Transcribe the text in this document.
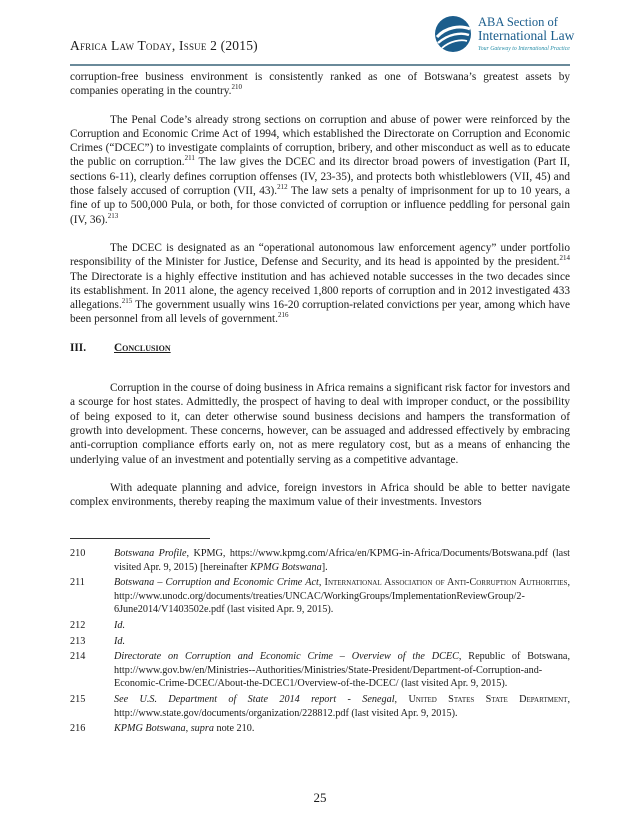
Africa Law Today, Issue 2 (2015)
ABA Section of
International Law
Your Gateway to International Practice

corruption-free business environment is consistently ranked as one of Botswana’s greatest assets by companies operating in the country.$^{210}$

The Penal Code’s already strong sections on corruption and abuse of power were reinforced by the Corruption and Economic Crime Act of 1994, which established the Directorate on Corruption and Economic Crimes (“DCEC”) to investigate complaints of corruption, bribery, and other misconduct as well as to educate the public on corruption.$^{211}$ The law gives the DCEC and its director broad powers of investigation (Part II, sections 6-11), clearly defines corruption offenses (IV, 23-35), and protects both whistleblowers (VII, 45) and those falsely accused of corruption (VII, 43).$^{212}$ The law sets a penalty of imprisonment for up to 10 years, a fine of up to 500,000 Pula, or both, for those convicted of corruption or influence peddling for personal gain (IV, 36).$^{213}$

The DCEC is designated as an “operational autonomous law enforcement agency” under portfolio responsibility of the Minister for Justice, Defense and Security, and its head is appointed by the president.$^{214}$ The Directorate is a highly effective institution and has achieved notable successes in the two decades since its establishment. In 2011 alone, the agency received 1,800 reports of corruption and in 2012 investigated 433 allegations.$^{215}$ The government usually wins 16-20 corruption-related convictions per year, among which have been personnel from all levels of government.$^{216}$

III.	Conclusion

Corruption in the course of doing business in Africa remains a significant risk factor for investors and a scourge for host states. Admittedly, the prospect of having to deal with improper conduct, or the possibility of being exposed to it, can deter otherwise sound business decisions and hampers the transformation of growth into development. These concerns, however, can be assuaged and addressed effectively by embracing anti-corruption compliance efforts early on, not as mere regulatory cost, but as a means of enhancing the underlying value of an investment and potentially serving as a competitive advantage.

With adequate planning and advice, foreign investors in Africa should be able to better navigate complex environments, thereby reaping the maximum value of their investments. Investors

210	Botswana Profile, KPMG, https://www.kpmg.com/Africa/en/KPMG-in-Africa/Documents/Botswana.pdf (last visited Apr. 9, 2015) [hereinafter KPMG Botswana].
211	Botswana – Corruption and Economic Crime Act, International Association of Anti-Corruption Authorities, http://www.unodc.org/documents/treaties/UNCAC/WorkingGroups/ImplementationReviewGroup/2-6June2014/V1403502e.pdf (last visited Apr. 9, 2015).
212	Id.
213	Id.
214	Directorate on Corruption and Economic Crime – Overview of the DCEC, Republic of Botswana, http://www.gov.bw/en/Ministries--Authorities/Ministries/State-President/Department-of-Corruption-and-Economic-Crime-DCEC/About-the-DCEC1/Overview-of-the-DCEC/ (last visited Apr. 9, 2015).
215	See U.S. Department of State 2014 report - Senegal, United States State Department, http://www.state.gov/documents/organization/228812.pdf (last visited Apr. 9, 2015).
216	KPMG Botswana, supra note 210.
25
